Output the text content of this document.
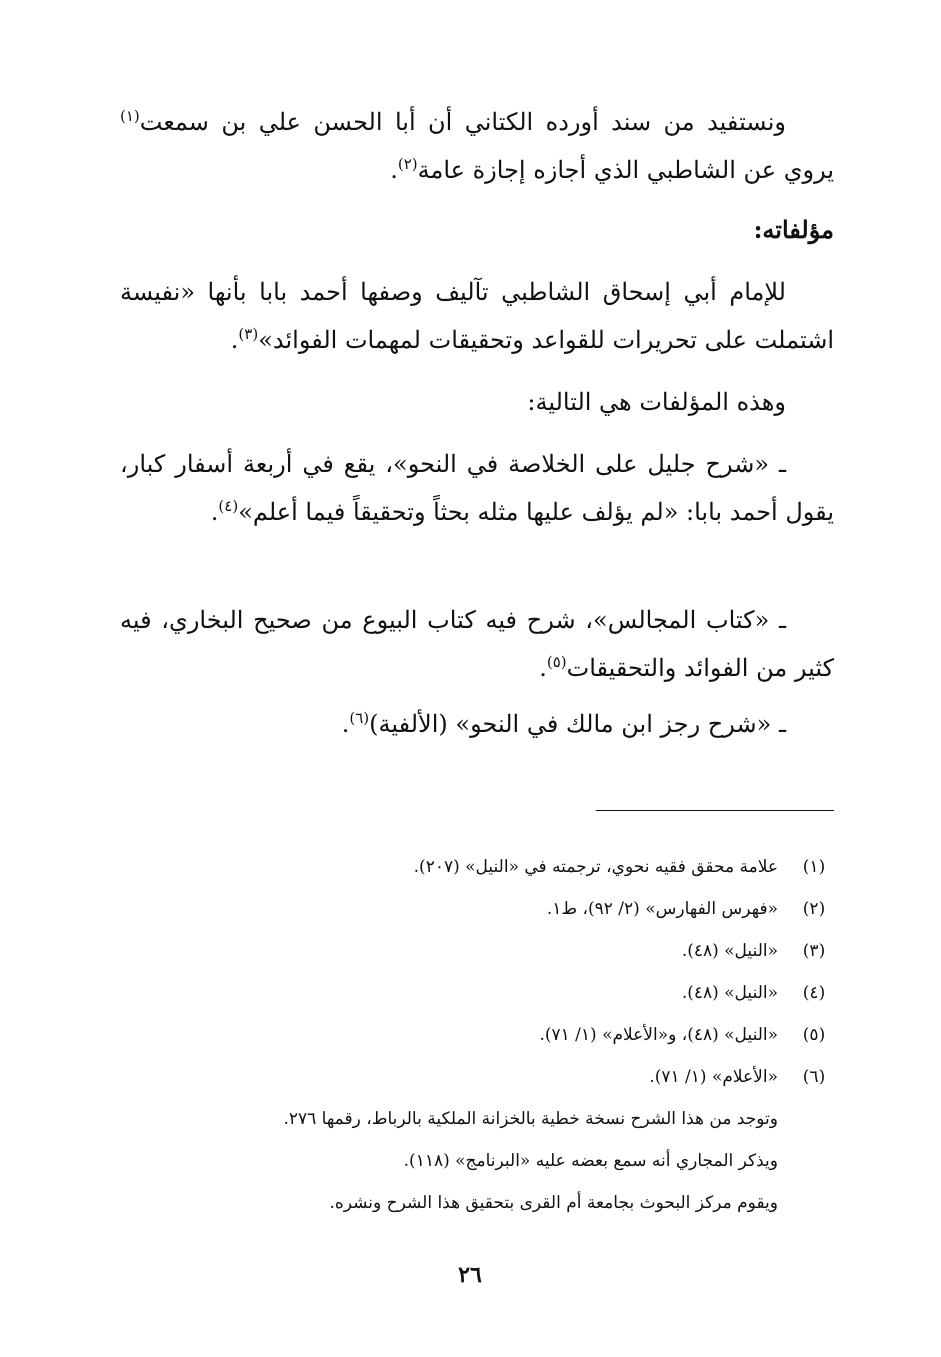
ونستفيد من سند أورده الكتاني أن أبا الحسن علي بن سمعت$^{(١)}$ يروي عن الشاطبي الذي أجازه إجازة عامة$^{(٢)}$.

مؤلفاته:

للإمام أبي إسحاق الشاطبي تآليف وصفها أحمد بابا بأنها «نفيسة اشتملت على تحريرات للقواعد وتحقيقات لمهمات الفوائد»$^{(٣)}$.

وهذه المؤلفات هي التالية:

ـ «شرح جليل على الخلاصة في النحو»، يقع في أربعة أسفار كبار، يقول أحمد بابا: «لم يؤلف عليها مثله بحثاً وتحقيقاً فيما أعلم»$^{(٤)}$.

ـ «كتاب المجالس»، شرح فيه كتاب البيوع من صحيح البخاري، فيه كثير من الفوائد والتحقيقات$^{(٥)}$.

ـ «شرح رجز ابن مالك في النحو» (الألفية)$^{(٦)}$.

(١)
علامة محقق فقيه نحوي، ترجمته في «النيل» (٢٠٧).
(٢)
«فهرس الفهارس» (٢/ ٩٢)، ط١.
(٣)
«النيل» (٤٨).
(٤)
«النيل» (٤٨).
(٥)
«النيل» (٤٨)، و«الأعلام» (١/ ٧١).
(٦)
«الأعلام» (١/ ٧١).
وتوجد من هذا الشرح نسخة خطية بالخزانة الملكية بالرباط، رقمها ٢٧٦.
ويذكر المجاري أنه سمع بعضه عليه «البرنامج» (١١٨).
ويقوم مركز البحوث بجامعة أم القرى بتحقيق هذا الشرح ونشره.
٢٦
